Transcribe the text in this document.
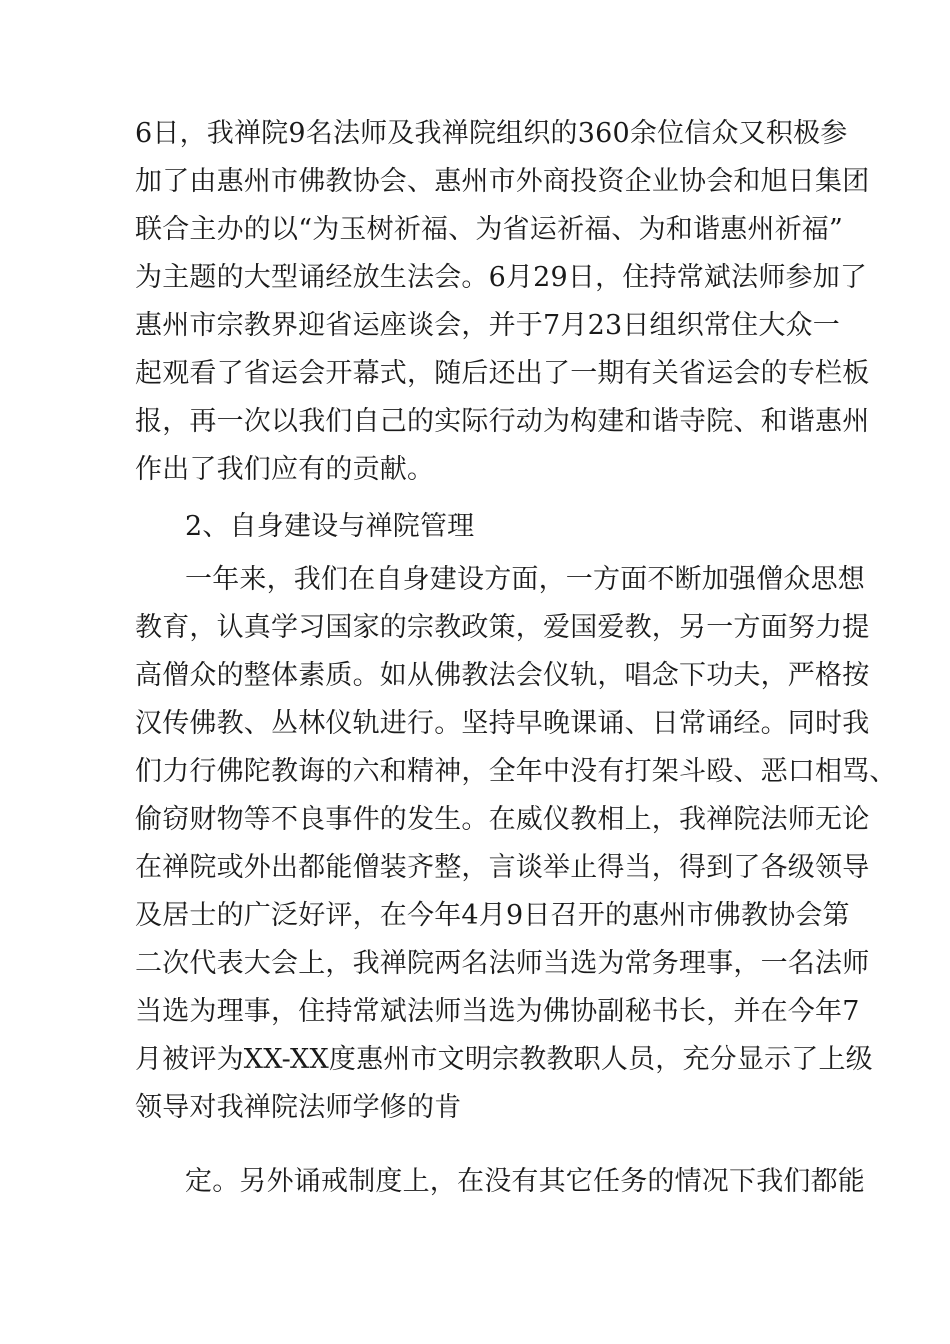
6日，我禅院9名法师及我禅院组织的360余位信众又积极参
加了由惠州市佛教协会、惠州市外商投资企业协会和旭日集团
联合主办的以“为玉树祈福、为省运祈福、为和谐惠州祈福”
为主题的大型诵经放生法会。6月29日，住持常斌法师参加了
惠州市宗教界迎省运座谈会，并于7月23日组织常住大众一
起观看了省运会开幕式，随后还出了一期有关省运会的专栏板
报，再一次以我们自己的实际行动为构建和谐寺院、和谐惠州
作出了我们应有的贡献。
2、自身建设与禅院管理
一年来，我们在自身建设方面，一方面不断加强僧众思想
教育，认真学习国家的宗教政策，爱国爱教，另一方面努力提
高僧众的整体素质。如从佛教法会仪轨，唱念下功夫，严格按
汉传佛教、丛林仪轨进行。坚持早晚课诵、日常诵经。同时我
们力行佛陀教诲的六和精神，全年中没有打架斗殴、恶口相骂、
偷窃财物等不良事件的发生。在威仪教相上，我禅院法师无论
在禅院或外出都能僧装齐整，言谈举止得当，得到了各级领导
及居士的广泛好评，在今年4月9日召开的惠州市佛教协会第
二次代表大会上，我禅院两名法师当选为常务理事，一名法师
当选为理事，住持常斌法师当选为佛协副秘书长，并在今年7
月被评为XX-XX度惠州市文明宗教教职人员，充分显示了上级
领导对我禅院法师学修的肯
定。另外诵戒制度上，在没有其它任务的情况下我们都能
